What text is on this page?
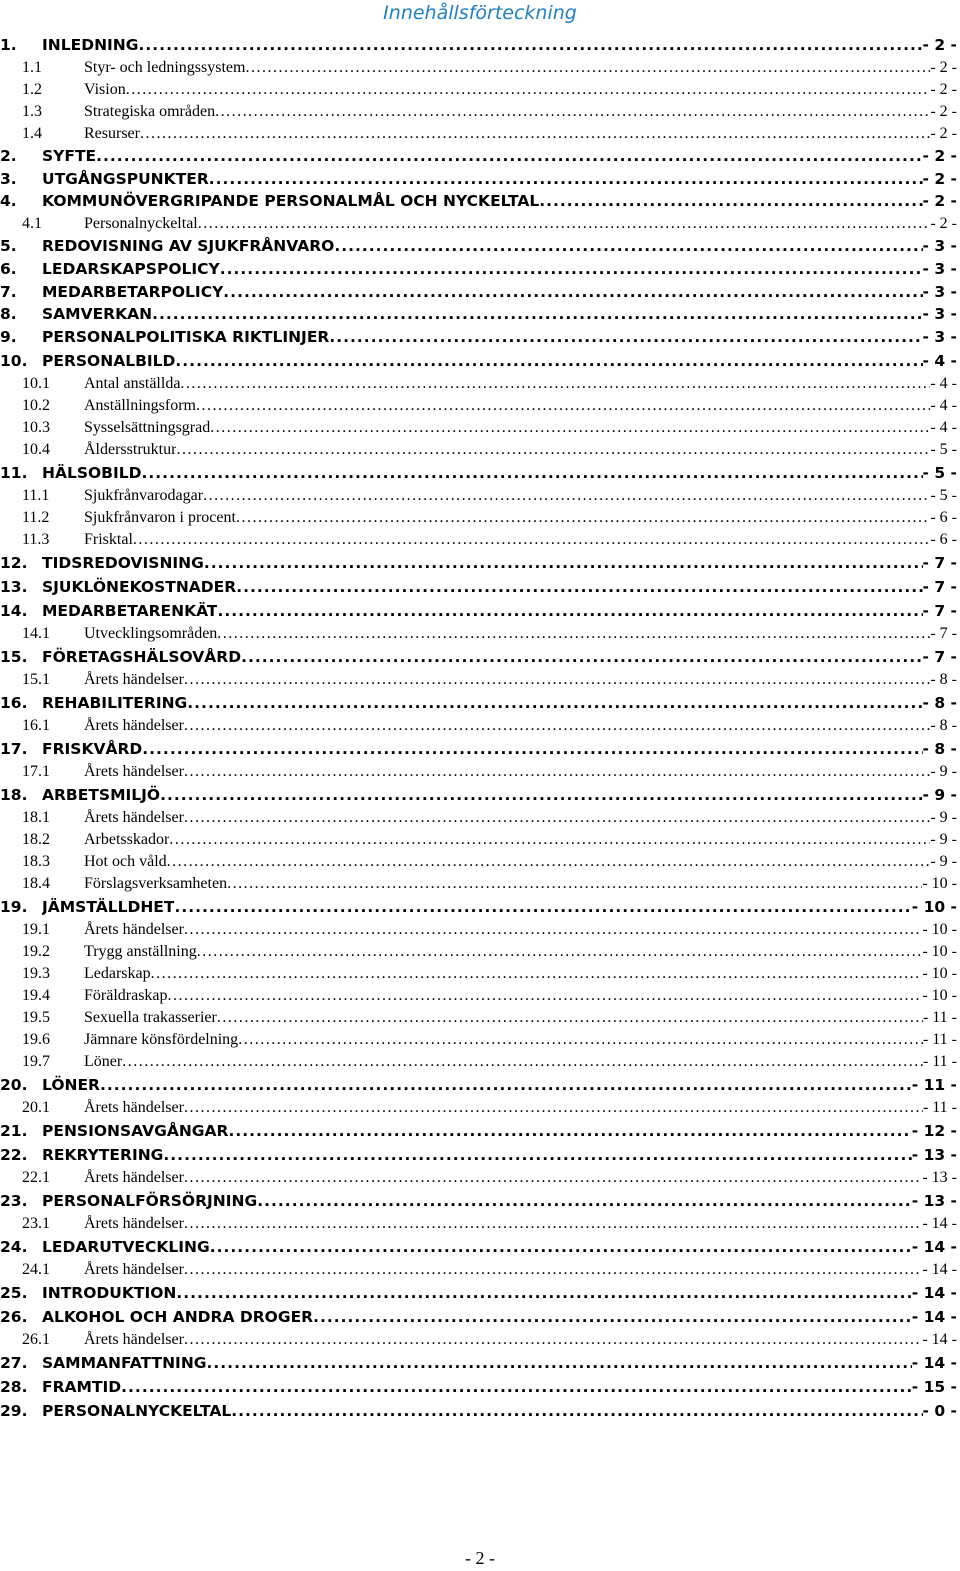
Innehållsförteckning
1.	INLEDNING .....	- 2 -
1.1	Styr- och ledningssystem .....	- 2 -
1.2	Vision .....	- 2 -
1.3	Strategiska områden .....	- 2 -
1.4	Resurser .....	- 2 -
2.	SYFTE .....	- 2 -
3.	UTGÅNGSPUNKTER .....	- 2 -
4.	KOMMUNÖVERGRIPANDE PERSONALMÅL OCH NYCKELTAL .....	- 2 -
4.1	Personalnyckeltal .....	- 2 -
5.	REDOVISNING AV SJUKFRÅNVARO .....	- 3 -
6.	LEDARSKAPSPOLICY .....	- 3 -
7.	MEDARBETARPOLICY .....	- 3 -
8.	SAMVERKAN .....	- 3 -
9.	PERSONALPOLITISKA RIKTLINJER .....	- 3 -
10. PERSONALBILD .....	- 4 -
10.1	Antal anställda .....	- 4 -
10.2	Anställningsform .....	- 4 -
10.3	Sysselsättningsgrad .....	- 4 -
10.4	Åldersstruktur .....	- 5 -
11. HÄLSOBILD .....	- 5 -
11.1	Sjukfrånvarodagar .....	- 5 -
11.2	Sjukfrånvaron i procent .....	- 6 -
11.3	Frisktal .....	- 6 -
12. TIDSREDOVISNING .....	- 7 -
13. SJUKLÖNEKOSTNADER .....	- 7 -
14. MEDARBETARENKÄT .....	- 7 -
14.1	Utvecklingsområden .....	- 7 -
15. FÖRETAGSHÄLSOVÅRD .....	- 7 -
15.1	Årets händelser .....	- 8 -
16. REHABILITERING .....	- 8 -
16.1	Årets händelser .....	- 8 -
17. FRISKVÅRD .....	- 8 -
17.1	Årets händelser .....	- 9 -
18. ARBETSMILJÖ .....	- 9 -
18.1	Årets händelser .....	- 9 -
18.2	Arbetsskador .....	- 9 -
18.3	Hot och våld .....	- 9 -
18.4	Förslagsverksamheten .....	- 10 -
19. JÄMSTÄLLDHET .....	- 10 -
19.1	Årets händelser .....	- 10 -
19.2	Trygg anställning .....	- 10 -
19.3	Ledarskap .....	- 10 -
19.4	Föräldraskap .....	- 10 -
19.5	Sexuella trakasserier .....	- 11 -
19.6	Jämnare könsfördelning .....	- 11 -
19.7	Löner .....	- 11 -
20. LÖNER .....	- 11 -
20.1	Årets händelser .....	- 11 -
21. PENSIONSAVGÅNGAR .....	- 12 -
22. REKRYTERING .....	- 13 -
22.1	Årets händelser .....	- 13 -
23. PERSONALFÖRSÖRJNING .....	- 13 -
23.1	Årets händelser .....	- 14 -
24. LEDARUTVECKLING .....	- 14 -
24.1	Årets händelser .....	- 14 -
25. INTRODUKTION .....	- 14 -
26. ALKOHOL OCH ANDRA DROGER .....	- 14 -
26.1	Årets händelser .....	- 14 -
27. SAMMANFATTNING .....	- 14 -
28. FRAMTID .....	- 15 -
29. PERSONALNYCKELTAL .....	- 0 -
- 2 -
